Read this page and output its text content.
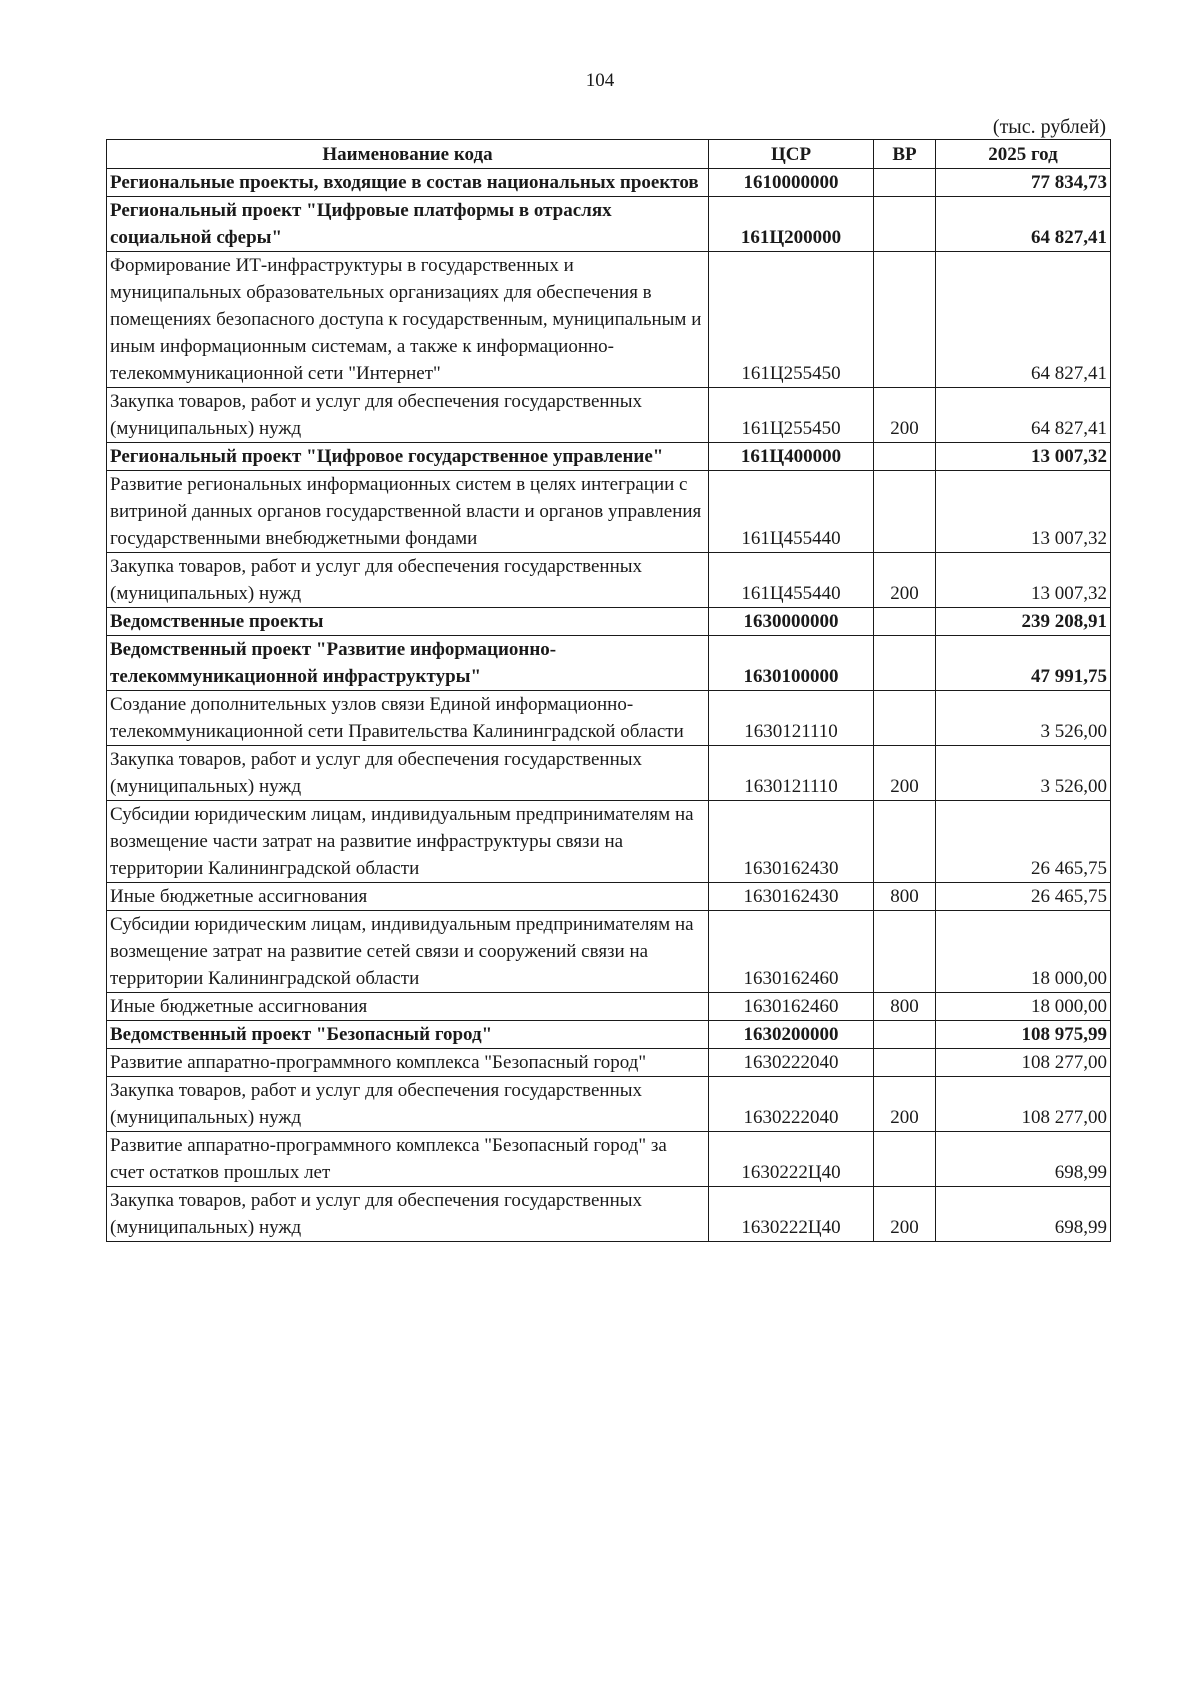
104
(тыс. рублей)
Наименование кода	ЦСР	ВР	2025 год
Региональные проекты, входящие в состав национальных проектов	1610000000		77 834,73
Региональный проект "Цифровые платформы в отраслях социальной сферы"	161Ц200000		64 827,41
Формирование ИТ-инфраструктуры в государственных и муниципальных образовательных организациях для обеспечения в помещениях безопасного доступа к государственным, муниципальным и иным информационным системам, а также к информационно-телекоммуникационной сети "Интернет"	161Ц255450		64 827,41
Закупка товаров, работ и услуг для обеспечения государственных (муниципальных) нужд	161Ц255450	200	64 827,41
Региональный проект "Цифровое государственное управление"	161Ц400000		13 007,32
Развитие региональных информационных систем в целях интеграции с витриной данных органов государственной власти и органов управления государственными внебюджетными фондами	161Ц455440		13 007,32
Закупка товаров, работ и услуг для обеспечения государственных (муниципальных) нужд	161Ц455440	200	13 007,32
Ведомственные проекты	1630000000		239 208,91
Ведомственный проект "Развитие информационно-телекоммуникационной инфраструктуры"	1630100000		47 991,75
Создание дополнительных узлов связи Единой информационно-телекоммуникационной сети Правительства Калининградской области	1630121110		3 526,00
Закупка товаров, работ и услуг для обеспечения государственных (муниципальных) нужд	1630121110	200	3 526,00
Субсидии юридическим лицам, индивидуальным предпринимателям на возмещение части затрат на развитие инфраструктуры связи на территории Калининградской области	1630162430		26 465,75
Иные бюджетные ассигнования	1630162430	800	26 465,75
Субсидии юридическим лицам, индивидуальным предпринимателям на возмещение затрат на развитие сетей связи и сооружений связи на территории Калининградской области	1630162460		18 000,00
Иные бюджетные ассигнования	1630162460	800	18 000,00
Ведомственный проект "Безопасный город"	1630200000		108 975,99
Развитие аппаратно-программного комплекса "Безопасный город"	1630222040		108 277,00
Закупка товаров, работ и услуг для обеспечения государственных (муниципальных) нужд	1630222040	200	108 277,00
Развитие аппаратно-программного комплекса "Безопасный город" за счет остатков прошлых лет	1630222Ц40		698,99
Закупка товаров, работ и услуг для обеспечения государственных (муниципальных) нужд	1630222Ц40	200	698,99
